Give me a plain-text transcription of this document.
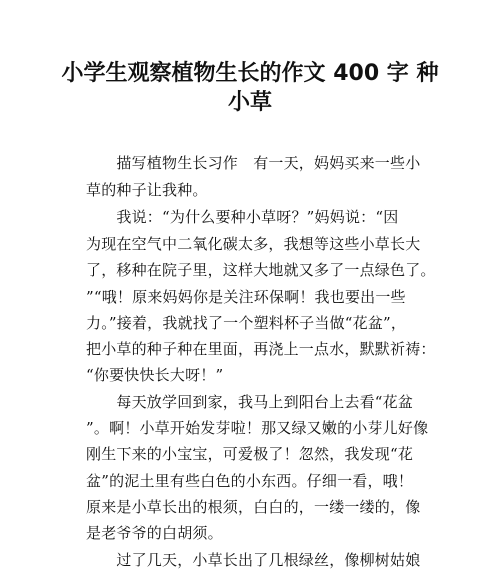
小学生观察植物生长的作文 400 字 种
小草
　　描写植物生长习作　有一天，妈妈买来一些小
草的种子让我种。
　　我说：“为什么要种小草呀？”妈妈说：“因
为现在空气中二氧化碳太多，我想等这些小草长大
了，移种在院子里，这样大地就又多了一点绿色了。
”“哦！原来妈妈你是关注环保啊！我也要出一些
力。”接着，我就找了一个塑料杯子当做“花盆”，
把小草的种子种在里面，再浇上一点水，默默祈祷：
“你要快快长大呀！”
　　每天放学回到家，我马上到阳台上去看“花盆
”。啊！小草开始发芽啦！那又绿又嫩的小芽儿好像
刚生下来的小宝宝，可爱极了！忽然，我发现“花
盆”的泥土里有些白色的小东西。仔细一看，哦！
原来是小草长出的根须，白白的，一缕一缕的，像
是老爷爷的白胡须。
　　过了几天，小草长出了几根绿丝，像柳树姑娘
